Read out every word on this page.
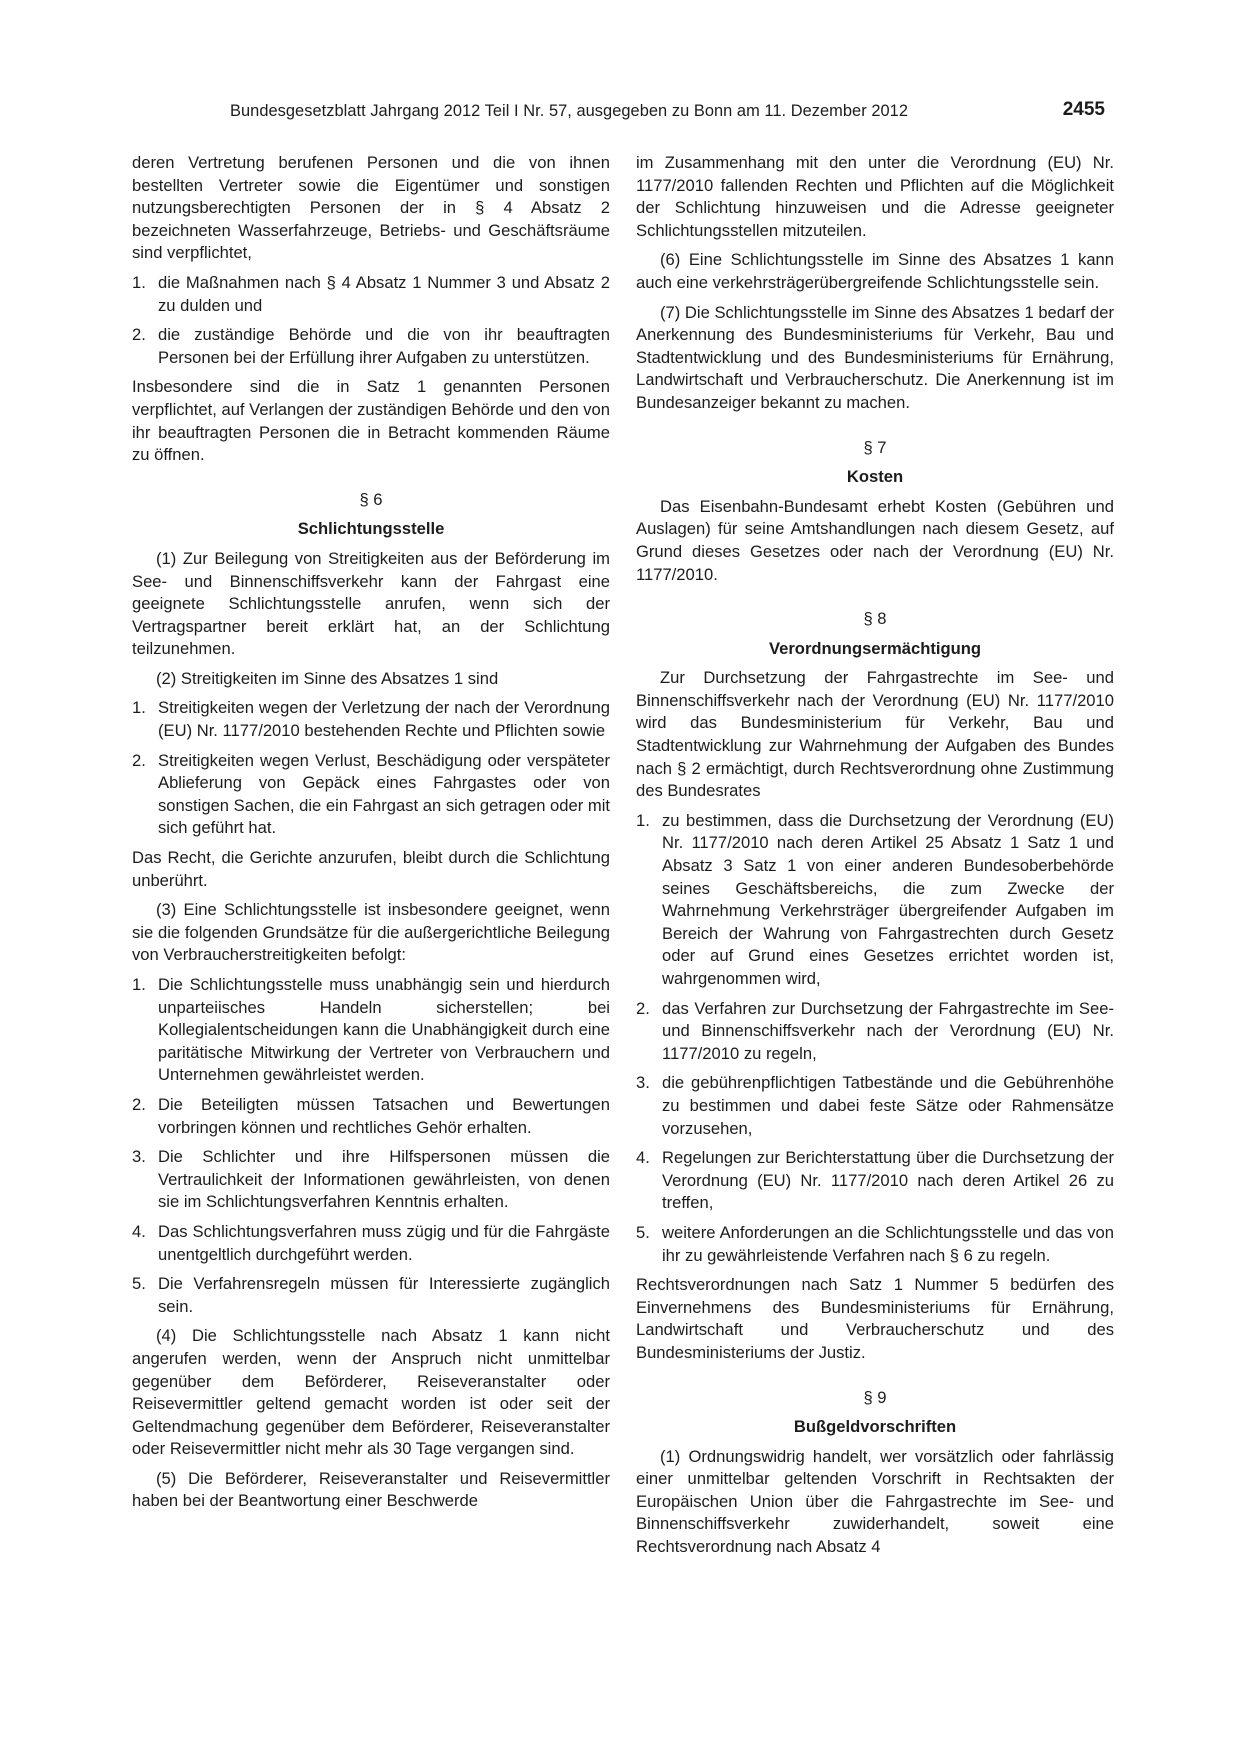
Bundesgesetzblatt Jahrgang 2012 Teil I Nr. 57, ausgegeben zu Bonn am 11. Dezember 2012	2455

deren Vertretung berufenen Personen und die von ihnen bestellten Vertreter sowie die Eigentümer und sonstigen nutzungsberechtigten Personen der in § 4 Absatz 2 bezeichneten Wasserfahrzeuge, Betriebs- und Geschäftsräume sind verpflichtet,

1. die Maßnahmen nach § 4 Absatz 1 Nummer 3 und Absatz 2 zu dulden und
2. die zuständige Behörde und die von ihr beauftragten Personen bei der Erfüllung ihrer Aufgaben zu unterstützen.

Insbesondere sind die in Satz 1 genannten Personen verpflichtet, auf Verlangen der zuständigen Behörde und den von ihr beauftragten Personen die in Betracht kommenden Räume zu öffnen.

§ 6
Schlichtungsstelle

(1) Zur Beilegung von Streitigkeiten aus der Beförderung im See- und Binnenschiffsverkehr kann der Fahrgast eine geeignete Schlichtungsstelle anrufen, wenn sich der Vertragspartner bereit erklärt hat, an der Schlichtung teilzunehmen.

(2) Streitigkeiten im Sinne des Absatzes 1 sind

1. Streitigkeiten wegen der Verletzung der nach der Verordnung (EU) Nr. 1177/2010 bestehenden Rechte und Pflichten sowie
2. Streitigkeiten wegen Verlust, Beschädigung oder verspäteter Ablieferung von Gepäck eines Fahrgastes oder von sonstigen Sachen, die ein Fahrgast an sich getragen oder mit sich geführt hat.

Das Recht, die Gerichte anzurufen, bleibt durch die Schlichtung unberührt.

(3) Eine Schlichtungsstelle ist insbesondere geeignet, wenn sie die folgenden Grundsätze für die außergerichtliche Beilegung von Verbraucherstreitigkeiten befolgt:

1. Die Schlichtungsstelle muss unabhängig sein und hierdurch unparteiisches Handeln sicherstellen; bei Kollegialentscheidungen kann die Unabhängigkeit durch eine paritätische Mitwirkung der Vertreter von Verbrauchern und Unternehmen gewährleistet werden.
2. Die Beteiligten müssen Tatsachen und Bewertungen vorbringen können und rechtliches Gehör erhalten.
3. Die Schlichter und ihre Hilfspersonen müssen die Vertraulichkeit der Informationen gewährleisten, von denen sie im Schlichtungsverfahren Kenntnis erhalten.
4. Das Schlichtungsverfahren muss zügig und für die Fahrgäste unentgeltlich durchgeführt werden.
5. Die Verfahrensregeln müssen für Interessierte zugänglich sein.

(4) Die Schlichtungsstelle nach Absatz 1 kann nicht angerufen werden, wenn der Anspruch nicht unmittelbar gegenüber dem Beförderer, Reiseveranstalter oder Reisevermittler geltend gemacht worden ist oder seit der Geltendmachung gegenüber dem Beförderer, Reiseveranstalter oder Reisevermittler nicht mehr als 30 Tage vergangen sind.

(5) Die Beförderer, Reiseveranstalter und Reisevermittler haben bei der Beantwortung einer Beschwerde

im Zusammenhang mit den unter die Verordnung (EU) Nr. 1177/2010 fallenden Rechten und Pflichten auf die Möglichkeit der Schlichtung hinzuweisen und die Adresse geeigneter Schlichtungsstellen mitzuteilen.

(6) Eine Schlichtungsstelle im Sinne des Absatzes 1 kann auch eine verkehrsträgerübergreifende Schlichtungsstelle sein.

(7) Die Schlichtungsstelle im Sinne des Absatzes 1 bedarf der Anerkennung des Bundesministeriums für Verkehr, Bau und Stadtentwicklung und des Bundesministeriums für Ernährung, Landwirtschaft und Verbraucherschutz. Die Anerkennung ist im Bundesanzeiger bekannt zu machen.

§ 7
Kosten

Das Eisenbahn-Bundesamt erhebt Kosten (Gebühren und Auslagen) für seine Amtshandlungen nach diesem Gesetz, auf Grund dieses Gesetzes oder nach der Verordnung (EU) Nr. 1177/2010.

§ 8
Verordnungsermächtigung

Zur Durchsetzung der Fahrgastrechte im See- und Binnenschiffsverkehr nach der Verordnung (EU) Nr. 1177/2010 wird das Bundesministerium für Verkehr, Bau und Stadtentwicklung zur Wahrnehmung der Aufgaben des Bundes nach § 2 ermächtigt, durch Rechtsverordnung ohne Zustimmung des Bundesrates

1. zu bestimmen, dass die Durchsetzung der Verordnung (EU) Nr. 1177/2010 nach deren Artikel 25 Absatz 1 Satz 1 und Absatz 3 Satz 1 von einer anderen Bundesoberbehörde seines Geschäftsbereichs, die zum Zwecke der Wahrnehmung Verkehrsträger übergreifender Aufgaben im Bereich der Wahrung von Fahrgastrechten durch Gesetz oder auf Grund eines Gesetzes errichtet worden ist, wahrgenommen wird,
2. das Verfahren zur Durchsetzung der Fahrgastrechte im See- und Binnenschiffsverkehr nach der Verordnung (EU) Nr. 1177/2010 zu regeln,
3. die gebührenpflichtigen Tatbestände und die Gebührenhöhe zu bestimmen und dabei feste Sätze oder Rahmensätze vorzusehen,
4. Regelungen zur Berichterstattung über die Durchsetzung der Verordnung (EU) Nr. 1177/2010 nach deren Artikel 26 zu treffen,
5. weitere Anforderungen an die Schlichtungsstelle und das von ihr zu gewährleistende Verfahren nach § 6 zu regeln.

Rechtsverordnungen nach Satz 1 Nummer 5 bedürfen des Einvernehmens des Bundesministeriums für Ernährung, Landwirtschaft und Verbraucherschutz und des Bundesministeriums der Justiz.

§ 9
Bußgeldvorschriften

(1) Ordnungswidrig handelt, wer vorsätzlich oder fahrlässig einer unmittelbar geltenden Vorschrift in Rechtsakten der Europäischen Union über die Fahrgastrechte im See- und Binnenschiffsverkehr zuwiderhandelt, soweit eine Rechtsverordnung nach Absatz 4
